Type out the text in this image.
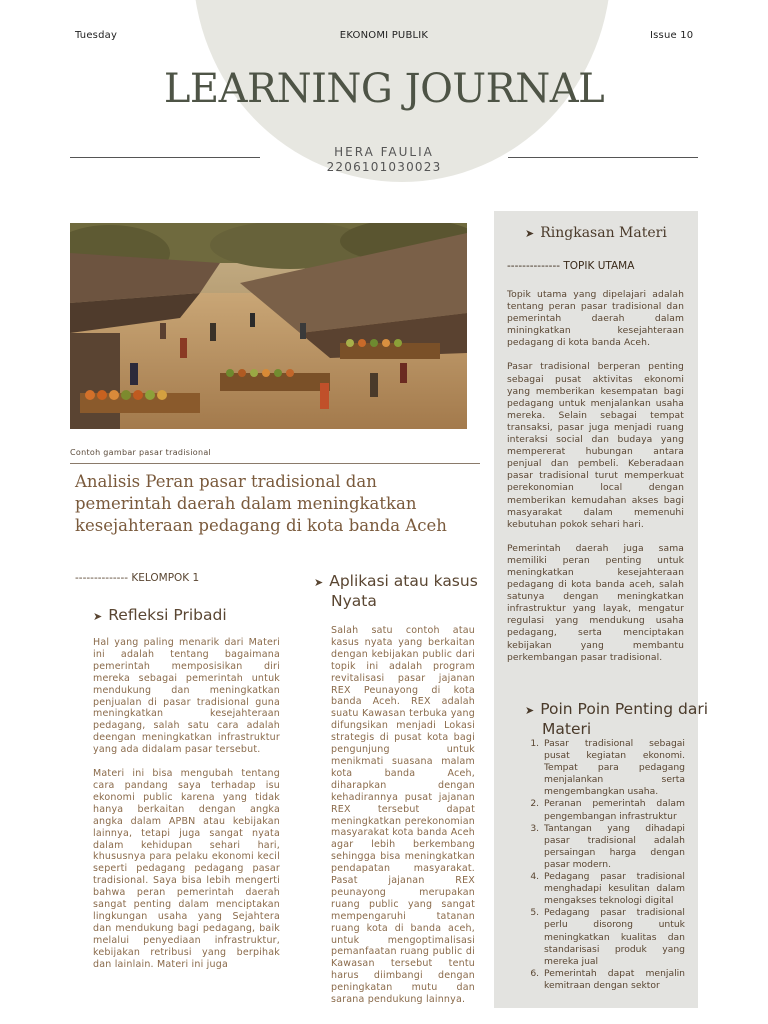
Tuesday	EKONOMI PUBLIK	Issue 10
LEARNING JOURNAL
HERA FAULIA
2206101030023
Contoh gambar pasar tradisional
Analisis Peran pasar tradisional dan pemerintah daerah dalam meningkatkan kesejahteraan pedagang di kota banda Aceh
-------------- KELOMPOK 1
➤ Refleksi Pribadi

Hal yang paling menarik dari Materi ini adalah tentang bagaimana pemerintah memposisikan diri mereka sebagai pemerintah untuk mendukung dan meningkatkan penjualan di pasar tradisional guna meningkatkan kesejahteraan pedagang, salah satu cara adalah deengan meningkatkan infrastruktur yang ada didalam pasar tersebut.

Materi ini bisa mengubah tentang cara pandang saya terhadap isu ekonomi public karena yang tidak hanya berkaitan dengan angka angka dalam APBN atau kebijakan lainnya, tetapi juga sangat nyata dalam kehidupan sehari hari, khususnya para pelaku ekonomi kecil seperti pedagang pedagang pasar tradisional. Saya bisa lebih mengerti bahwa peran pemerintah daerah sangat penting dalam menciptakan lingkungan usaha yang Sejahtera dan mendukung bagi pedagang, baik melalui penyediaan infrastruktur, kebijakan retribusi yang berpihak dan lainlain. Materi ini juga

➤ Aplikasi atau kasus Nyata

Salah satu contoh atau kasus nyata yang berkaitan dengan kebijakan public dari topik ini adalah program revitalisasi pasar jajanan REX Peunayong di kota banda Aceh. REX adalah suatu Kawasan terbuka yang difungsikan menjadi Lokasi strategis di pusat kota bagi pengunjung untuk menikmati suasana malam kota banda Aceh, diharapkan dengan kehadirannya pusat jajanan REX tersebut dapat meningkatkan perekonomian masyarakat kota banda Aceh agar lebih berkembang sehingga bisa meningkatkan pendapatan masyarakat. Pasat jajanan REX peunayong merupakan ruang public yang sangat mempengaruhi tatanan ruang kota di banda aceh, untuk mengoptimalisasi pemanfaatan ruang public di Kawasan tersebut tentu harus diimbangi dengan peningkatan mutu dan sarana pendukung lainnya.

➤ Ringkasan Materi
-------------- TOPIK UTAMA

Topik utama yang dipelajari adalah tentang peran pasar tradisional dan pemerintah daerah dalam miningkatkan kesejahteraan pedagang di kota banda Aceh.

Pasar tradisional berperan penting sebagai pusat aktivitas ekonomi yang memberikan kesempatan bagi pedagang untuk menjalankan usaha mereka. Selain sebagai tempat transaksi, pasar juga menjadi ruang interaksi social dan budaya yang mempererat hubungan antara penjual dan pembeli. Keberadaan pasar tradisional turut memperkuat perekonomian local dengan memberikan kemudahan akses bagi masyarakat dalam memenuhi kebutuhan pokok sehari hari.

Pemerintah daerah juga sama memiliki peran penting untuk meningkatkan kesejahteraan pedagang di kota banda aceh, salah satunya dengan meningkatkan infrastruktur yang layak, mengatur regulasi yang mendukung usaha pedagang, serta menciptakan kebijakan yang membantu perkembangan pasar tradisional.

➤ Poin Poin Penting dari Materi
1. Pasar tradisional sebagai pusat kegiatan ekonomi. Tempat para pedagang menjalankan serta mengembangkan usaha.
2. Peranan pemerintah dalam pengembangan infrastruktur
3. Tantangan yang dihadapi pasar tradisional adalah persaingan harga dengan pasar modern.
4. Pedagang pasar tradisional menghadapi kesulitan dalam mengakses teknologi digital
5. Pedagang pasar tradisional perlu disorong untuk meningkatkan kualitas dan standarisasi produk yang mereka jual
6. Pemerintah dapat menjalin kemitraan dengan sektor
